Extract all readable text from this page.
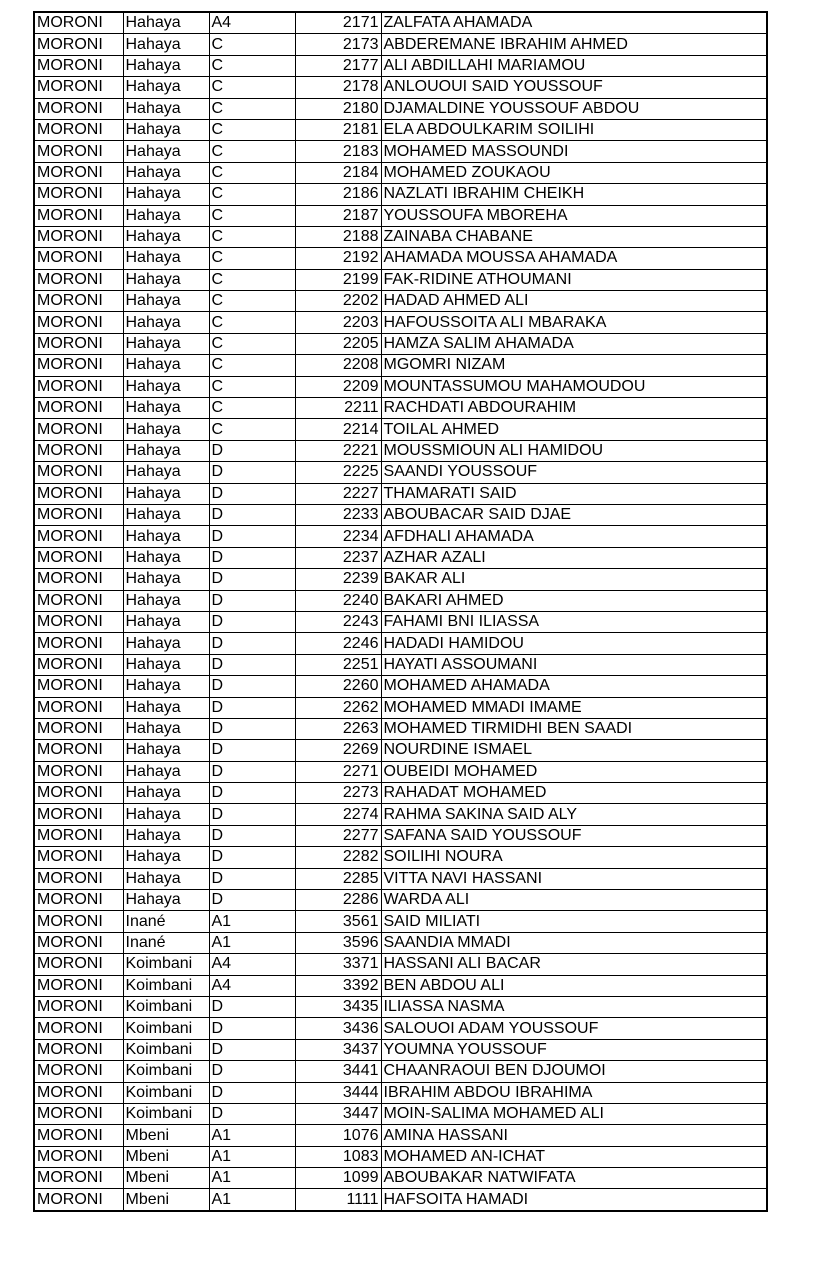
MORONI	Hahaya	A4	2171	ZALFATA AHAMADA
MORONI	Hahaya	C	2173	ABDEREMANE IBRAHIM AHMED
MORONI	Hahaya	C	2177	ALI ABDILLAHI MARIAMOU
MORONI	Hahaya	C	2178	ANLOUOUI SAID YOUSSOUF
MORONI	Hahaya	C	2180	DJAMALDINE YOUSSOUF ABDOU
MORONI	Hahaya	C	2181	ELA ABDOULKARIM SOILIHI
MORONI	Hahaya	C	2183	MOHAMED MASSOUNDI
MORONI	Hahaya	C	2184	MOHAMED ZOUKAOU
MORONI	Hahaya	C	2186	NAZLATI IBRAHIM CHEIKH
MORONI	Hahaya	C	2187	YOUSSOUFA MBOREHA
MORONI	Hahaya	C	2188	ZAINABA CHABANE
MORONI	Hahaya	C	2192	AHAMADA MOUSSA AHAMADA
MORONI	Hahaya	C	2199	FAK-RIDINE ATHOUMANI
MORONI	Hahaya	C	2202	HADAD AHMED ALI
MORONI	Hahaya	C	2203	HAFOUSSOITA ALI MBARAKA
MORONI	Hahaya	C	2205	HAMZA SALIM AHAMADA
MORONI	Hahaya	C	2208	MGOMRI NIZAM
MORONI	Hahaya	C	2209	MOUNTASSUMOU MAHAMOUDOU
MORONI	Hahaya	C	2211	RACHDATI ABDOURAHIM
MORONI	Hahaya	C	2214	TOILAL AHMED
MORONI	Hahaya	D	2221	MOUSSMIOUN ALI HAMIDOU
MORONI	Hahaya	D	2225	SAANDI YOUSSOUF
MORONI	Hahaya	D	2227	THAMARATI SAID
MORONI	Hahaya	D	2233	ABOUBACAR SAID DJAE
MORONI	Hahaya	D	2234	AFDHALI AHAMADA
MORONI	Hahaya	D	2237	AZHAR AZALI
MORONI	Hahaya	D	2239	BAKAR ALI
MORONI	Hahaya	D	2240	BAKARI AHMED
MORONI	Hahaya	D	2243	FAHAMI BNI ILIASSA
MORONI	Hahaya	D	2246	HADADI HAMIDOU
MORONI	Hahaya	D	2251	HAYATI ASSOUMANI
MORONI	Hahaya	D	2260	MOHAMED AHAMADA
MORONI	Hahaya	D	2262	MOHAMED MMADI IMAME
MORONI	Hahaya	D	2263	MOHAMED TIRMIDHI BEN SAADI
MORONI	Hahaya	D	2269	NOURDINE ISMAEL
MORONI	Hahaya	D	2271	OUBEIDI MOHAMED
MORONI	Hahaya	D	2273	RAHADAT MOHAMED
MORONI	Hahaya	D	2274	RAHMA SAKINA SAID ALY
MORONI	Hahaya	D	2277	SAFANA SAID YOUSSOUF
MORONI	Hahaya	D	2282	SOILIHI NOURA
MORONI	Hahaya	D	2285	VITTA NAVI HASSANI
MORONI	Hahaya	D	2286	WARDA ALI
MORONI	Inané	A1	3561	SAID MILIATI
MORONI	Inané	A1	3596	SAANDIA MMADI
MORONI	Koimbani	A4	3371	HASSANI ALI BACAR
MORONI	Koimbani	A4	3392	BEN ABDOU ALI
MORONI	Koimbani	D	3435	ILIASSA NASMA
MORONI	Koimbani	D	3436	SALOUOI ADAM YOUSSOUF
MORONI	Koimbani	D	3437	YOUMNA YOUSSOUF
MORONI	Koimbani	D	3441	CHAANRAOUI BEN DJOUMOI
MORONI	Koimbani	D	3444	IBRAHIM ABDOU IBRAHIMA
MORONI	Koimbani	D	3447	MOIN-SALIMA MOHAMED ALI
MORONI	Mbeni	A1	1076	AMINA HASSANI
MORONI	Mbeni	A1	1083	MOHAMED AN-ICHAT
MORONI	Mbeni	A1	1099	ABOUBAKAR NATWIFATA
MORONI	Mbeni	A1	1111	HAFSOITA HAMADI
